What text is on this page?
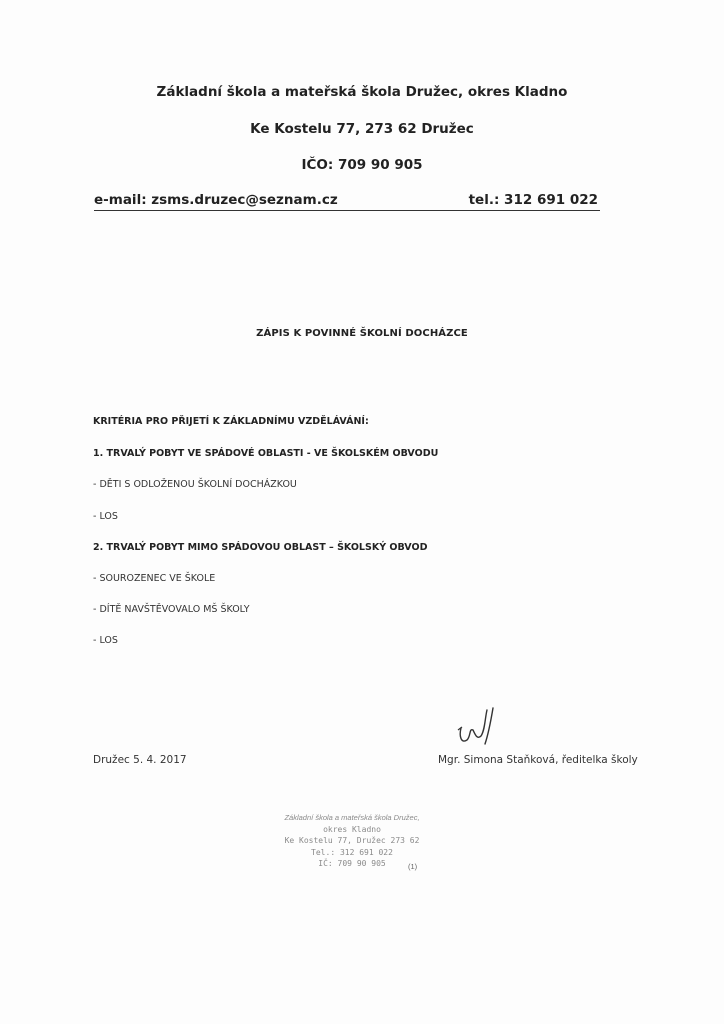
Základní škola a mateřská škola Družec, okres Kladno
Ke Kostelu 77, 273 62 Družec
IČO: 709 90 905
e-mail: zsms.druzec@seznam.cz	tel.: 312 691 022
ZÁPIS K POVINNÉ ŠKOLNÍ DOCHÁZCE
KRITÉRIA PRO PŘIJETÍ K ZÁKLADNÍMU VZDĚLÁVÁNÍ:
1. TRVALÝ POBYT VE SPÁDOVÉ OBLASTI - VE ŠKOLSKÉM OBVODU
- DĚTI S ODLOŽENOU ŠKOLNÍ DOCHÁZKOU
- LOS
2. TRVALÝ POBYT MIMO SPÁDOVOU OBLAST – ŠKOLSKÝ OBVOD
- SOUROZENEC VE ŠKOLE
- DÍTĚ NAVŠTĚVOVALO MŠ ŠKOLY
- LOS
Družec 5. 4. 2017	Mgr. Simona Staňková, ředitelka školy
Základní škola a mateřská škola Družec,
okres Kladno
Ke Kostelu 77, Družec 273 62
Tel.: 312 691 022
IČ: 709 90 905	(1)
